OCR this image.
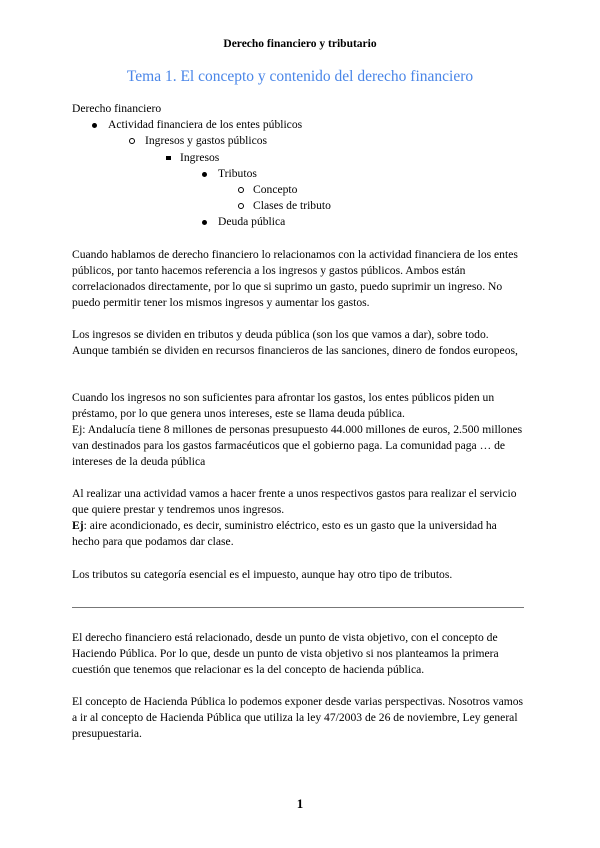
Derecho financiero y tributario
Tema 1. El concepto y contenido del derecho financiero
Derecho financiero
Actividad financiera de los entes públicos
Ingresos y gastos públicos
Ingresos
Tributos
Concepto
Clases de tributo
Deuda pública

Cuando hablamos de derecho financiero lo relacionamos con la actividad financiera de los entes públicos, por tanto hacemos referencia a los ingresos y gastos públicos. Ambos están correlacionados directamente, por lo que si suprimo un gasto, puedo suprimir un ingreso. No puedo permitir tener los mismos ingresos y aumentar los gastos.

Los ingresos se dividen en tributos y deuda pública (son los que vamos a dar), sobre todo. Aunque también se dividen en recursos financieros de las sanciones, dinero de fondos europeos,

Cuando los ingresos no son suficientes para afrontar los gastos, los entes públicos piden un préstamo, por lo que genera unos intereses, este se llama deuda pública.

Ej: Andalucía tiene 8 millones de personas presupuesto 44.000 millones de euros, 2.500 millones van destinados para los gastos farmacéuticos que el gobierno paga. La comunidad paga … de intereses de la deuda pública

Al realizar una actividad vamos a hacer frente a unos respectivos gastos para realizar el servicio que quiere prestar y tendremos unos ingresos.

Ej: aire acondicionado, es decir, suministro eléctrico, esto es un gasto que la universidad ha hecho para que podamos dar clase.

Los tributos su categoría esencial es el impuesto, aunque hay otro tipo de tributos.

El derecho financiero está relacionado, desde un punto de vista objetivo, con el concepto de Haciendo Pública. Por lo que, desde un punto de vista objetivo si nos planteamos la primera cuestión que tenemos que relacionar es la del concepto de hacienda pública.

El concepto de Hacienda Pública lo podemos exponer desde varias perspectivas. Nosotros vamos a ir al concepto de Hacienda Pública que utiliza la ley 47/2003 de 26 de noviembre, Ley general presupuestaria.

1
